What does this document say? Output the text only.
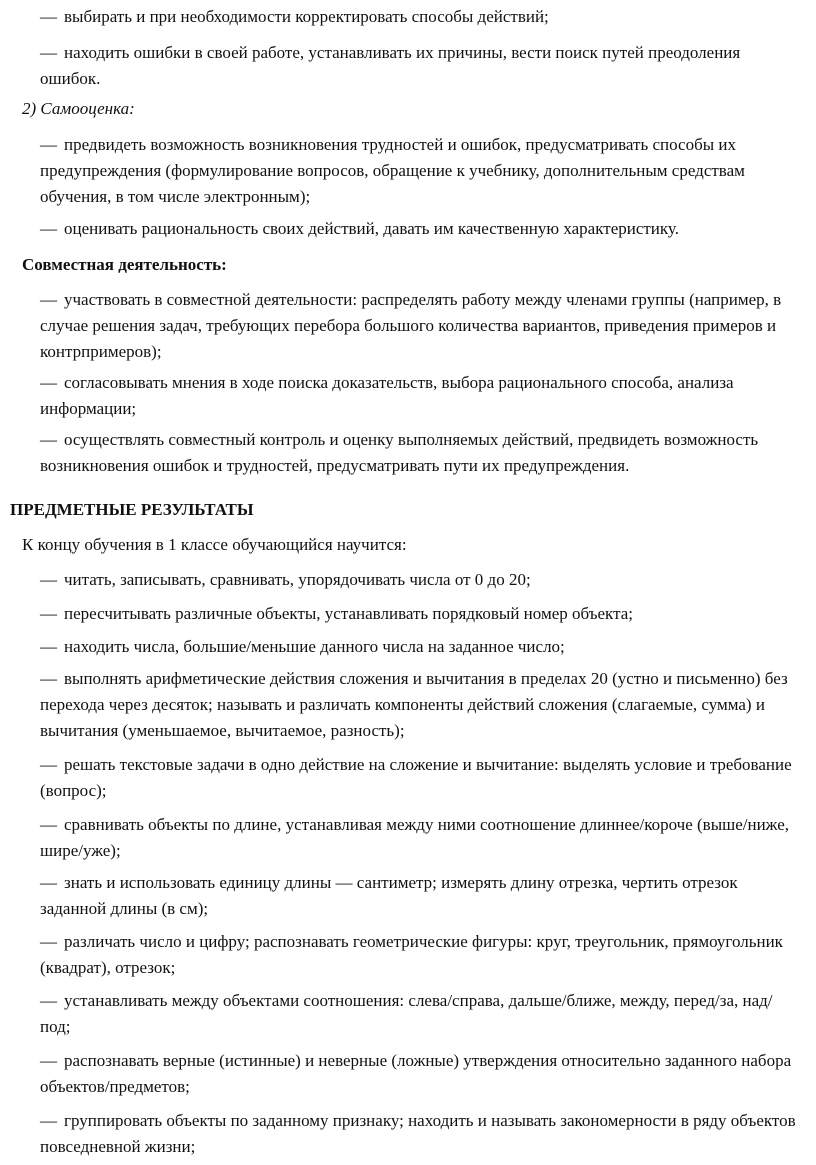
— выбирать и при необходимости корректировать способы действий;

— находить ошибки в своей работе, устанавливать их причины, вести поиск путей преодоления ошибок.

2) Самооценка:

— предвидеть возможность возникновения трудностей и ошибок, предусматривать способы их предупреждения (формулирование вопросов, обращение к учебнику, дополнительным средствам обучения, в том числе электронным);

— оценивать рациональность своих действий, давать им качественную характеристику.

Совместная деятельность:

— участвовать в совместной деятельности: распределять работу между членами группы (например, в случае решения задач, требующих перебора большого количества вариантов, приведения примеров и контрпримеров);

— согласовывать мнения в ходе поиска доказательств, выбора рационального способа, анализа информации;

— осуществлять совместный контроль и оценку выполняемых действий, предвидеть возможность возникновения ошибок и трудностей, предусматривать пути их предупреждения.

ПРЕДМЕТНЫЕ РЕЗУЛЬТАТЫ
К концу обучения в 1 классе обучающийся научится:

— читать, записывать, сравнивать, упорядочивать числа от 0 до 20;

— пересчитывать различные объекты, устанавливать порядковый номер объекта;

— находить числа, большие/меньшие данного числа на заданное число;

— выполнять арифметические действия сложения и вычитания в пределах 20 (устно и письменно) без перехода через десяток; называть и различать компоненты действий сложения (слагаемые, сумма) и вычитания (уменьшаемое, вычитаемое, разность);

— решать текстовые задачи в одно действие на сложение и вычитание: выделять условие и требование (вопрос);

— сравнивать объекты по длине, устанавливая между ними соотношение длиннее/короче (выше/ниже, шире/уже);

— знать и использовать единицу длины — сантиметр; измерять длину отрезка, чертить отрезок заданной длины (в см);

— различать число и цифру; распознавать геометрические фигуры: круг, треугольник, прямоугольник (квадрат), отрезок;

— устанавливать между объектами соотношения: слева/справа, дальше/ближе, между, перед/за, над/под;

— распознавать верные (истинные) и неверные (ложные) утверждения относительно заданного набора объектов/предметов;

— группировать объекты по заданному признаку; находить и называть закономерности в ряду объектов повседневной жизни;
